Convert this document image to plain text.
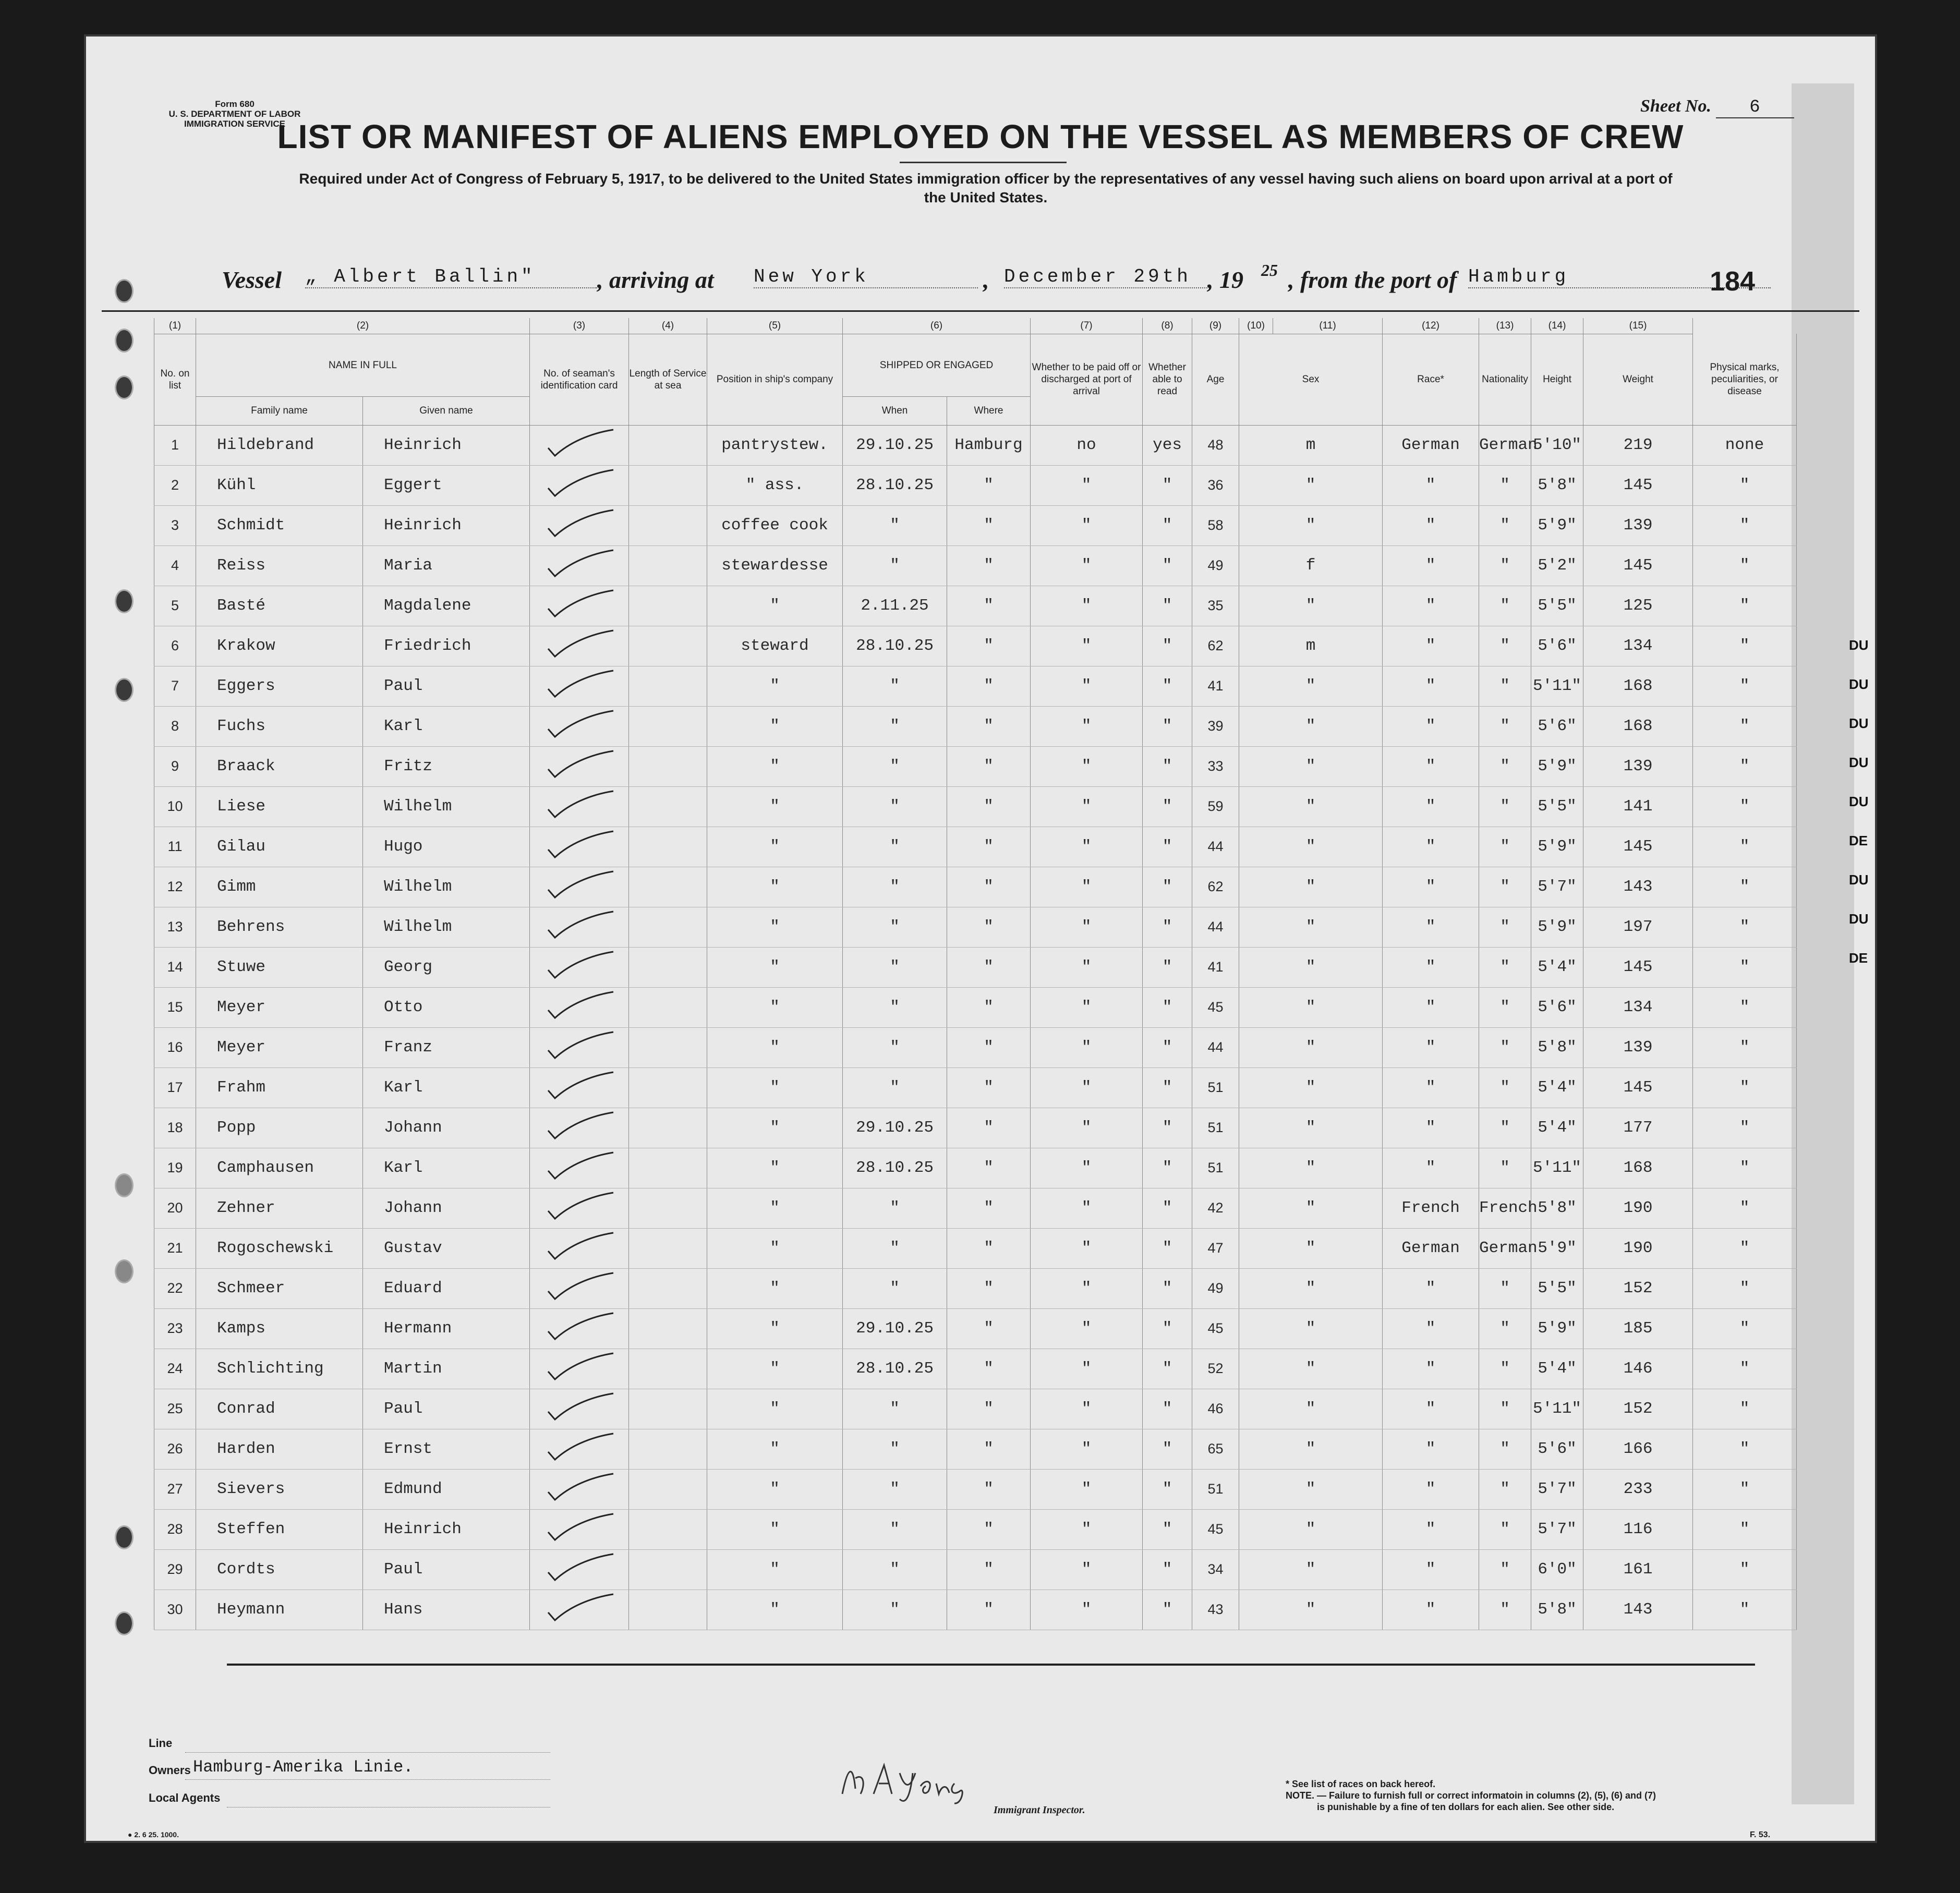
Form 680
U. S. DEPARTMENT OF LABOR
IMMIGRATION SERVICE
Sheet No. 6
LIST OR MANIFEST OF ALIENS EMPLOYED ON THE VESSEL AS MEMBERS OF CREW
Required under Act of Congress of February 5, 1917, to be delivered to the United States immigration officer by the representatives of any vessel having such aliens on board upon arrival at a port of the United States.
Vessel „ Albert Ballin"	, arriving at New York	, December 29th , 19 25 , from the port of Hamburg	184
(1)	(2)		(3)	(4)	(5)	(6)		(7)	(8)	(9)	(10)	(11)	(12)	(13)	(14)	(15)	
No. on list	NAME IN FULL		No. of seaman's identification card	Length of Service at sea	Position in ship's company	SHIPPED OR ENGAGED		Whether to be paid off or discharged at port of arrival	Whether able to read	Age	Sex		Race*	Nationality	Height	Weight	Physical marks, peculiarities, or disease
	Family name	Given name				When	Where										
1	Hildebrand	Heinrich			pantrystew.	29.10.25	Hamburg	no	yes	48	m		German	German	5'10"	219	none
2	Kühl	Eggert			" ass.	28.10.25	"	"	"	36	"		"	"	5'8"	145	"
3	Schmidt	Heinrich			coffee cook	"	"	"	"	58	"		"	"	5'9"	139	"
4	Reiss	Maria			stewardesse	"	"	"	"	49	f		"	"	5'2"	145	"
5	Basté	Magdalene			"	2.11.25	"	"	"	35	"		"	"	5'5"	125	"
6	Krakow	Friedrich			steward	28.10.25	"	"	"	62	m		"	"	5'6"	134	"
7	Eggers	Paul			"	"	"	"	"	41	"		"	"	5'11"	168	"
8	Fuchs	Karl			"	"	"	"	"	39	"		"	"	5'6"	168	"
9	Braack	Fritz			"	"	"	"	"	33	"		"	"	5'9"	139	"
10	Liese	Wilhelm			"	"	"	"	"	59	"		"	"	5'5"	141	"
11	Gilau	Hugo			"	"	"	"	"	44	"		"	"	5'9"	145	"
12	Gimm	Wilhelm			"	"	"	"	"	62	"		"	"	5'7"	143	"
13	Behrens	Wilhelm			"	"	"	"	"	44	"		"	"	5'9"	197	"
14	Stuwe	Georg			"	"	"	"	"	41	"		"	"	5'4"	145	"
15	Meyer	Otto			"	"	"	"	"	45	"		"	"	5'6"	134	"
16	Meyer	Franz			"	"	"	"	"	44	"		"	"	5'8"	139	"
17	Frahm	Karl			"	"	"	"	"	51	"		"	"	5'4"	145	"
18	Popp	Johann			"	29.10.25	"	"	"	51	"		"	"	5'4"	177	"
19	Camphausen	Karl			"	28.10.25	"	"	"	51	"		"	"	5'11"	168	"
20	Zehner	Johann			"	"	"	"	"	42	"		French	French	5'8"	190	"
21	Rogoschewski	Gustav			"	"	"	"	"	47	"		German	German	5'9"	190	"
22	Schmeer	Eduard			"	"	"	"	"	49	"		"	"	5'5"	152	"
23	Kamps	Hermann			"	29.10.25	"	"	"	45	"		"	"	5'9"	185	"
24	Schlichting	Martin			"	28.10.25	"	"	"	52	"		"	"	5'4"	146	"
25	Conrad	Paul			"	"	"	"	"	46	"		"	"	5'11"	152	"
26	Harden	Ernst			"	"	"	"	"	65	"		"	"	5'6"	166	"
27	Sievers	Edmund			"	"	"	"	"	51	"		"	"	5'7"	233	"
28	Steffen	Heinrich			"	"	"	"	"	45	"		"	"	5'7"	116	"
29	Cordts	Paul			"	"	"	"	"	34	"		"	"	6'0"	161	"
30	Heymann	Hans			"	"	"	"	"	43	"		"	"	5'8"	143	"
DU
DU
DU
DU
DU
DE
DU
DU
DE
Line
Owners Hamburg-Amerika Linie.
Local Agents
Immigrant Inspector.
* See list of races on back hereof.
NOTE. — Failure to furnish full or correct informatoin in columns (2), (5), (6) and (7)
is punishable by a fine of ten dollars for each alien. See other side.
● 2. 6 25. 1000.	F. 53.
